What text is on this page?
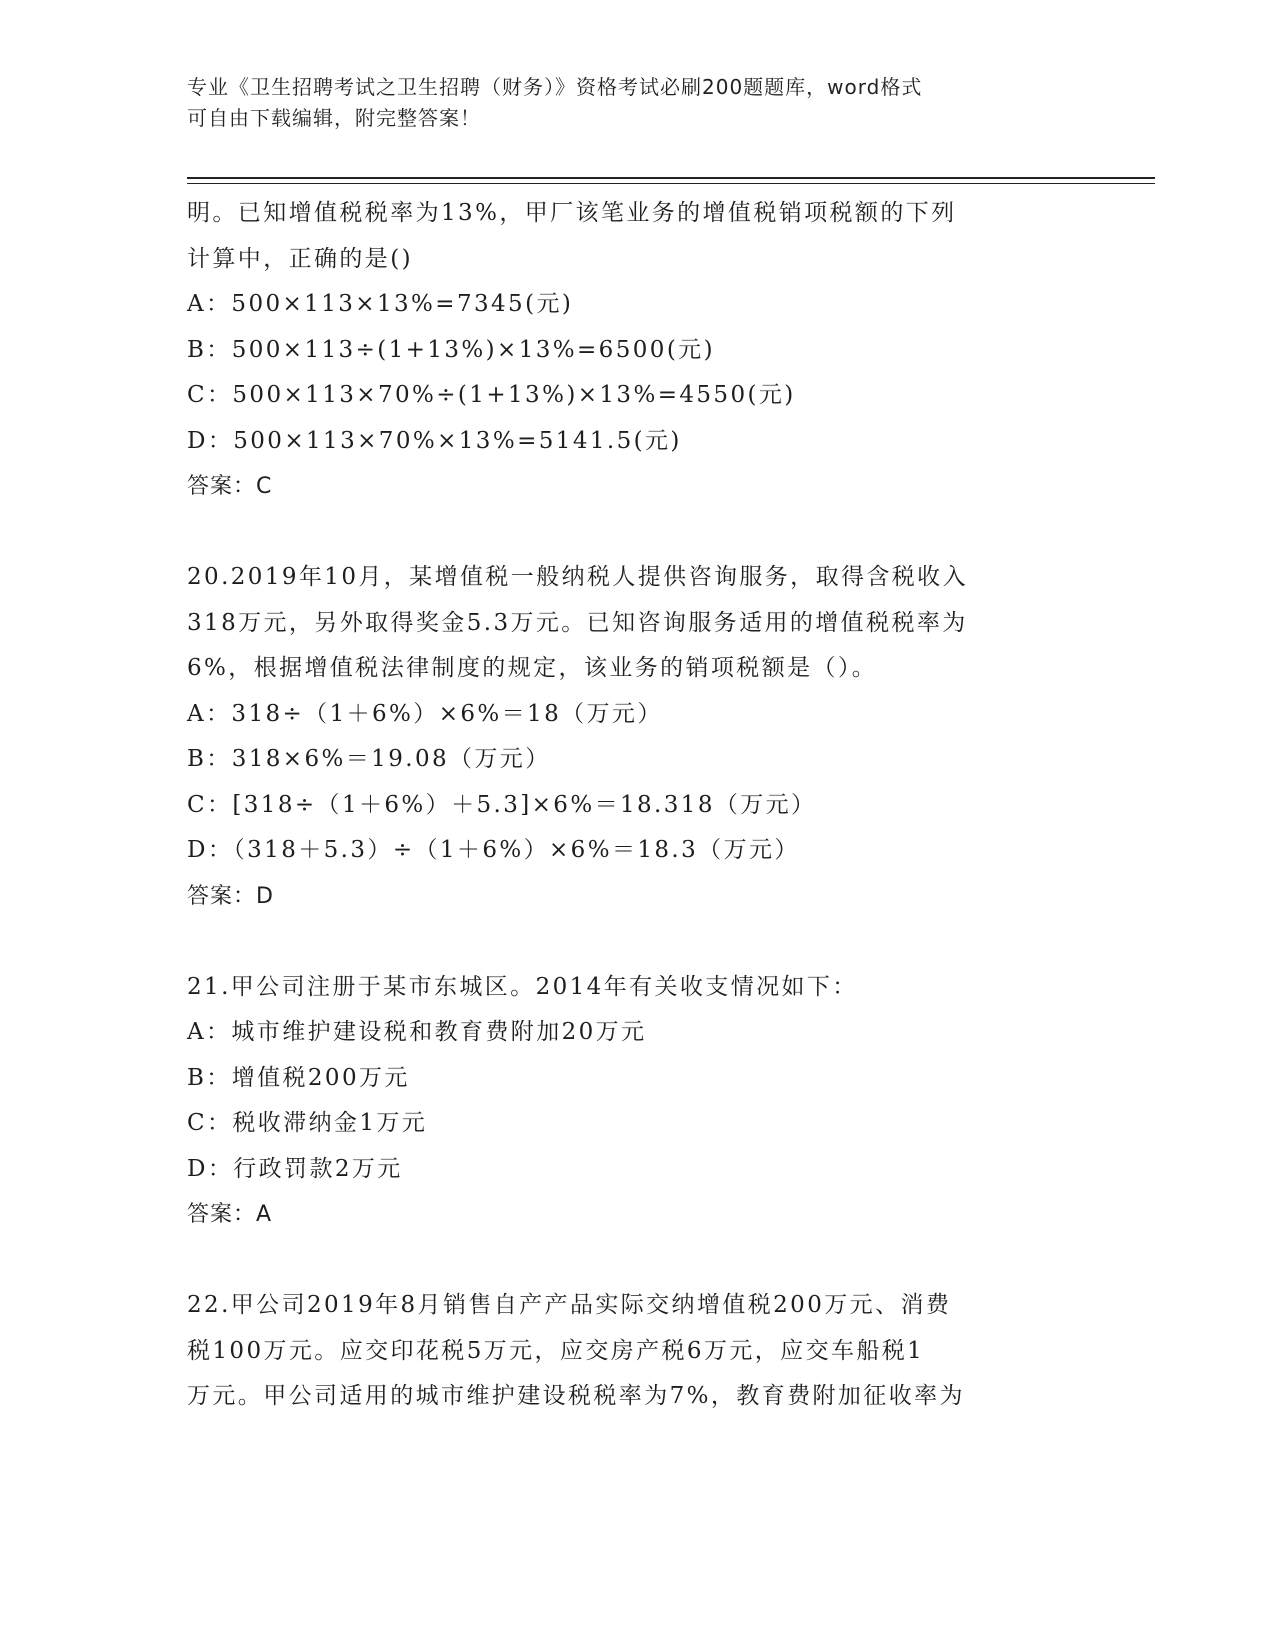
专业《卫生招聘考试之卫生招聘（财务）》资格考试必刷200题题库，word格式
可自由下载编辑，附完整答案！
明。已知增值税税率为13%，甲厂该笔业务的增值税销项税额的下列
计算中，正确的是()
A：500×113×13%=7345(元)
B：500×113÷(1+13%)×13%=6500(元)
C：500×113×70%÷(1+13%)×13%=4550(元)
D：500×113×70%×13%=5141.5(元)
答案：C
20.2019年10月，某增值税一般纳税人提供咨询服务，取得含税收入
318万元，另外取得奖金5.3万元。已知咨询服务适用的增值税税率为
6%，根据增值税法律制度的规定，该业务的销项税额是（）。
A：318÷（1＋6%）×6%＝18（万元）
B：318×6%＝19.08（万元）
C：[318÷（1＋6%）＋5.3]×6%＝18.318（万元）
D：（318＋5.3）÷（1＋6%）×6%＝18.3（万元）
答案：D
21.甲公司注册于某市东城区。2014年有关收支情况如下：
A：城市维护建设税和教育费附加20万元
B：增值税200万元
C：税收滞纳金1万元
D：行政罚款2万元
答案：A
22.甲公司2019年8月销售自产产品实际交纳增值税200万元、消费
税100万元。应交印花税5万元，应交房产税6万元，应交车船税1
万元。甲公司适用的城市维护建设税税率为7%，教育费附加征收率为
